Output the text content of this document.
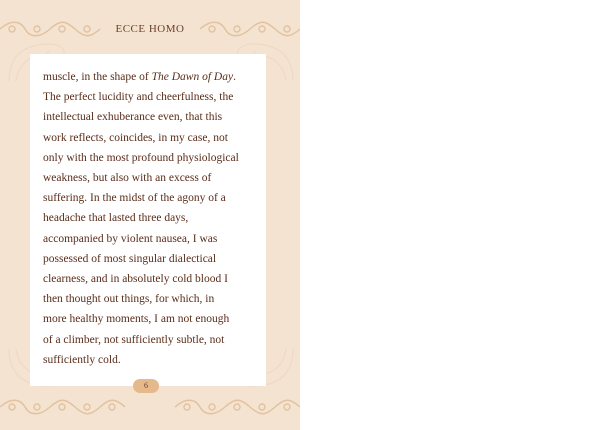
ECCE HOMO

muscle, in the shape of The Dawn of Day.
The perfect lucidity and cheerfulness, the
intellectual exhuberance even, that this
work reflects, coincides, in my case, not
only with the most profound physiological
weakness, but also with an excess of
suffering. In the midst of the agony of a
headache that lasted three days,
accompanied by violent nausea, I was
possessed of most singular dialectical
clearness, and in absolutely cold blood I
then thought out things, for which, in
more healthy moments, I am not enough
of a climber, not sufficiently subtle, not
sufficiently cold.

6
